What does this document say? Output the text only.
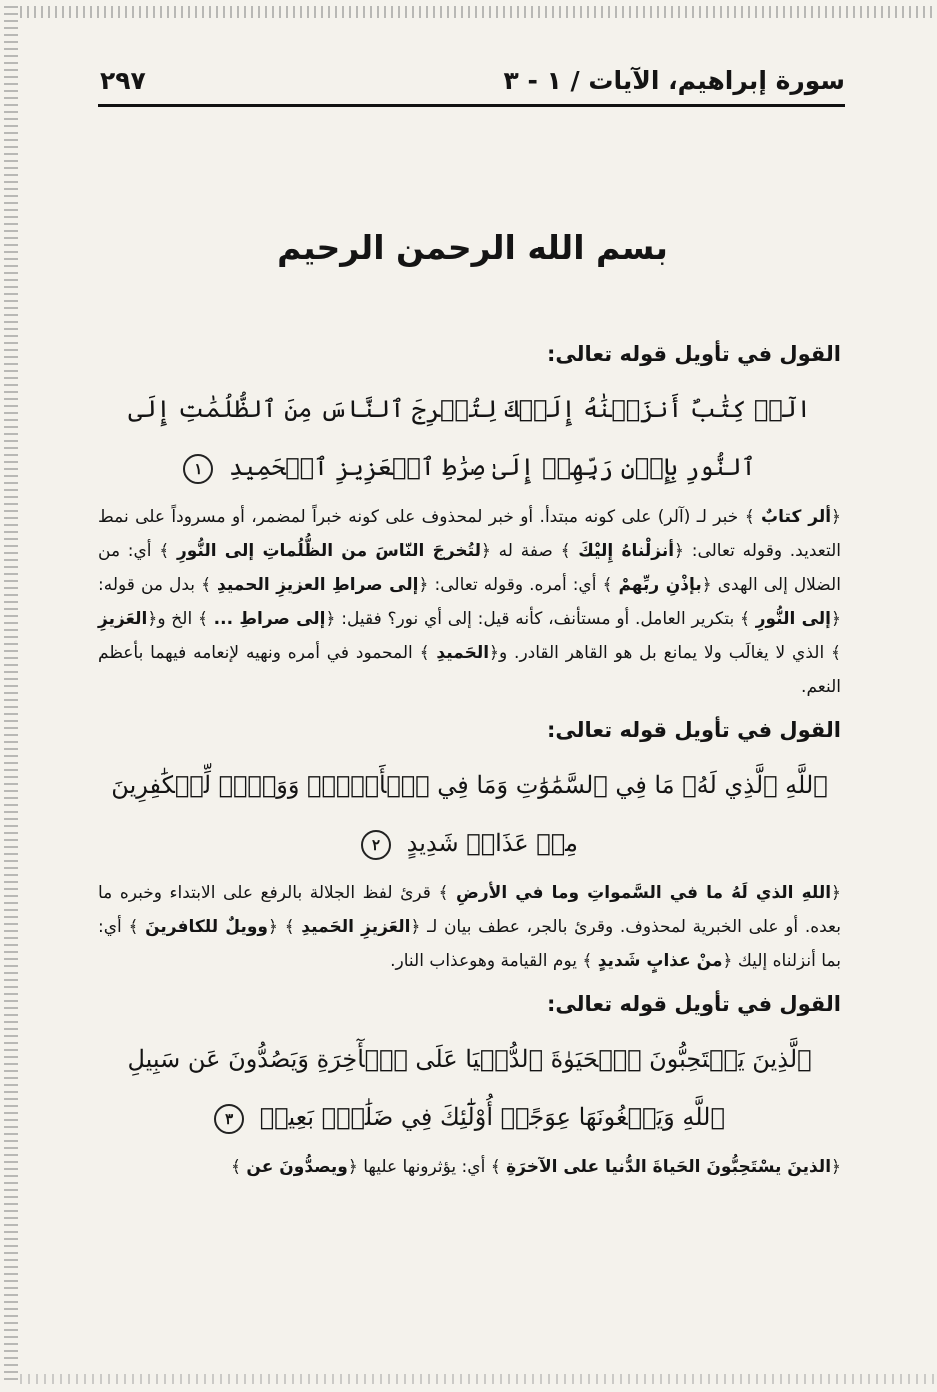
سورة إبراهيم، الآيات / ١ - ٣
٢٩٧
بسم الله الرحمن الرحيم
القول في تأويل قوله تعالى:
الٓرۚ كِتَٰبٌ أَنزَلۡنَٰهُ إِلَيۡكَ لِتُخۡرِجَ ٱلنَّاسَ مِنَ ٱلظُّلُمَٰتِ إِلَى ٱلنُّورِ بِإِذۡنِ رَبِّهِمۡ إِلَىٰ صِرَٰطِ ٱلۡعَزِيزِ ٱلۡحَمِيدِ ١

﴿ ألر كتابٌ ﴾ خبر لـ (آلر) على كونه مبتدأ. أو خبر لمحذوف على كونه خبراً لمضمر، أو مسروداً على نمط التعديد. وقوله تعالى: ﴿ أنزلْناهُ إِليْكَ ﴾ صفة له ﴿ لتُخرجَ النّاسَ من الظُّلُماتِ إلى النُّورِ ﴾ أي: من الضلال إلى الهدى ﴿ بإذْنِ ربِّهمْ ﴾ أي: أمره. وقوله تعالى: ﴿ إلى صراطِ العزيزِ الحميدِ ﴾ بدل من قوله: ﴿ إلى النُّورِ ﴾ بتكرير العامل. أو مستأنف، كأنه قيل: إلى أي نور؟ فقيل: ﴿ إلى صراطِ ... ﴾ الخ و﴿ العَزيزِ ﴾ الذي لا يغالَب ولا يمانع بل هو القاهر القادر. و﴿ الحَميدِ ﴾ المحمود في أمره ونهيه لإنعامه فيهما بأعظم النعم.

القول في تأويل قوله تعالى:
ٱللَّهِ ٱلَّذِي لَهُۥ مَا فِي ٱلسَّمَٰوَٰتِ وَمَا فِي ٱلۡأَرۡضِۗ وَوَيۡلٞ لِّلۡكَٰفِرِينَ مِنۡ عَذَابٖ شَدِيدٍ ٢

﴿ اللهِ الذي لَهُ ما في السَّمواتِ وما في الأرضِ ﴾ قرئ لفظ الجلالة بالرفع على الابتداء وخبره ما بعده. أو على الخبرية لمحذوف. وقرئ بالجر، عطف بيان لـ ﴿ العَزيزِ الحَميدِ ﴾ ﴿ وويلٌ للكافرينَ ﴾ أي: بما أنزلناه إليك ﴿ منْ عذابٍ شَديدٍ ﴾ يوم القيامة وهوعذاب النار.

القول في تأويل قوله تعالى:
ٱلَّذِينَ يَسۡتَحِبُّونَ ٱلۡحَيَوٰةَ ٱلدُّنۡيَا عَلَى ٱلۡأٓخِرَةِ وَيَصُدُّونَ عَن سَبِيلِ ٱللَّهِ وَيَبۡغُونَهَا عِوَجًاۚ أُوْلَٰٓئِكَ فِي ضَلَٰلِۢ بَعِيدٖ ٣

﴿ الذينَ يسْتَحِبُّونَ الحَياةَ الدُّنيا على الآخرَةِ ﴾ أي: يؤثرونها عليها ﴿ ويصدُّونَ عن ﴾
